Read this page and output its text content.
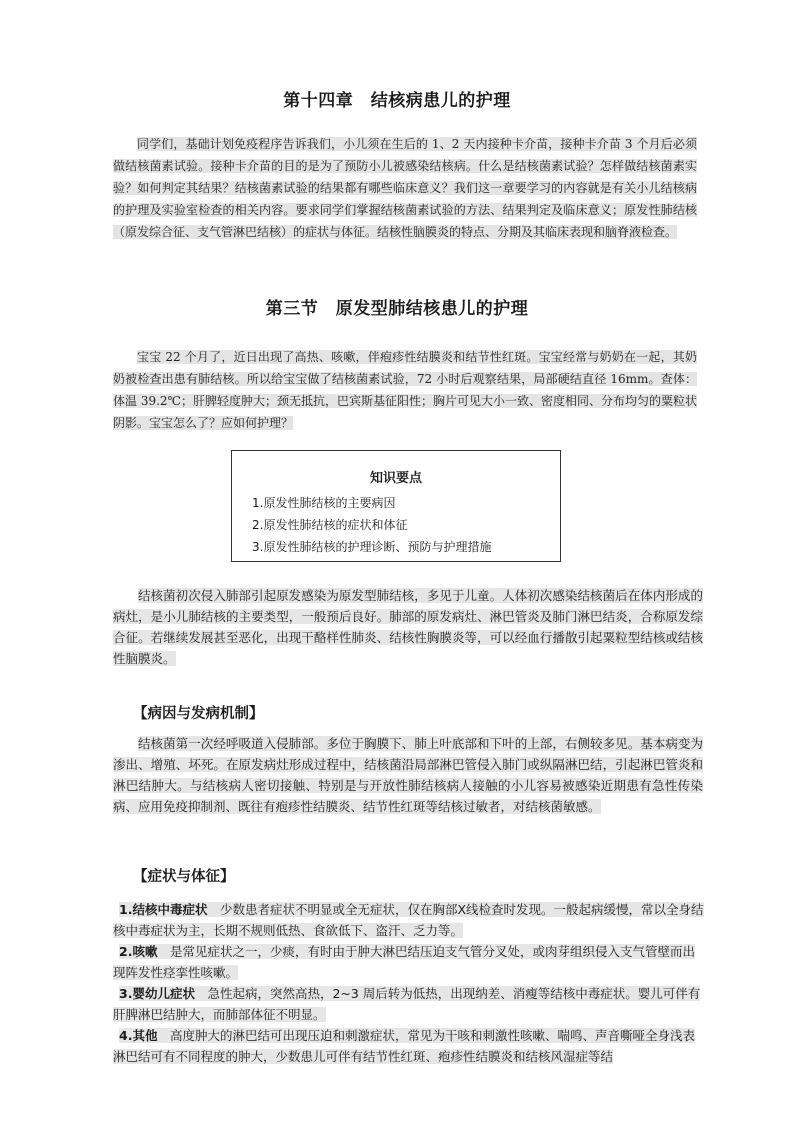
第十四章　结核病患儿的护理

同学们，基础计划免疫程序告诉我们，小儿须在生后的 1、2 天内接种卡介苗，接种卡介苗 3 个月后必须做结核菌素试验。接种卡介苗的目的是为了预防小儿被感染结核病。什么是结核菌素试验？怎样做结核菌素实验？如何判定其结果？结核菌素试验的结果都有哪些临床意义？我们这一章要学习的内容就是有关小儿结核病的护理及实验室检查的相关内容。要求同学们掌握结核菌素试验的方法、结果判定及临床意义；原发性肺结核（原发综合征、支气管淋巴结核）的症状与体征。结核性脑膜炎的特点、分期及其临床表现和脑脊液检查。

第三节　原发型肺结核患儿的护理

宝宝 22 个月了，近日出现了高热、咳嗽，伴疱疹性结膜炎和结节性红斑。宝宝经常与奶奶在一起，其奶奶被检查出患有肺结核。所以给宝宝做了结核菌素试验，72 小时后观察结果，局部硬结直径 16mm。查体：体温 39.2℃；肝脾轻度肿大；颈无抵抗，巴宾斯基征阳性；胸片可见大小一致、密度相同、分布均匀的粟粒状阴影。宝宝怎么了？应如何护理？

知识要点
1.原发性肺结核的主要病因
2.原发性肺结核的症状和体征
3.原发性肺结核的护理诊断、预防与护理措施
结核菌初次侵入肺部引起原发感染为原发型肺结核，多见于儿童。人体初次感染结核菌后在体内形成的病灶，是小儿肺结核的主要类型，一般预后良好。肺部的原发病灶、淋巴管炎及肺门淋巴结炎，合称原发综合征。若继续发展甚至恶化，出现干酪样性肺炎、结核性胸膜炎等，可以经血行播散引起粟粒型结核或结核性脑膜炎。
【病因与发病机制】
结核菌第一次经呼吸道入侵肺部。多位于胸膜下、肺上叶底部和下叶的上部，右侧较多见。基本病变为渗出、增殖、坏死。在原发病灶形成过程中，结核菌沿局部淋巴管侵入肺门或纵隔淋巴结，引起淋巴管炎和淋巴结肿大。与结核病人密切接触、特别是与开放性肺结核病人接触的小儿容易被感染近期患有急性传染病、应用免疫抑制剂、既往有疱疹性结膜炎、结节性红斑等结核过敏者，对结核菌敏感。
【症状与体征】
1.结核中毒症状　少数患者症状不明显或全无症状，仅在胸部X线检查时发现。一般起病缓慢，常以全身结核中毒症状为主，长期不规则低热、食欲低下、盗汗、乏力等。
2.咳嗽　是常见症状之一，少痰，有时由于肿大淋巴结压迫支气管分叉处，或肉芽组织侵入支气管壁而出现阵发性痉挛性咳嗽。
3.婴幼儿症状　急性起病，突然高热，2~3 周后转为低热，出现纳差、消瘦等结核中毒症状。婴儿可伴有肝脾淋巴结肿大，而肺部体征不明显。
4.其他　高度肿大的淋巴结可出现压迫和刺激症状，常见为干咳和刺激性咳嗽、喘鸣、声音嘶哑全身浅表淋巴结可有不同程度的肿大，少数患儿可伴有结节性红斑、疱疹性结膜炎和结核风湿症等结
